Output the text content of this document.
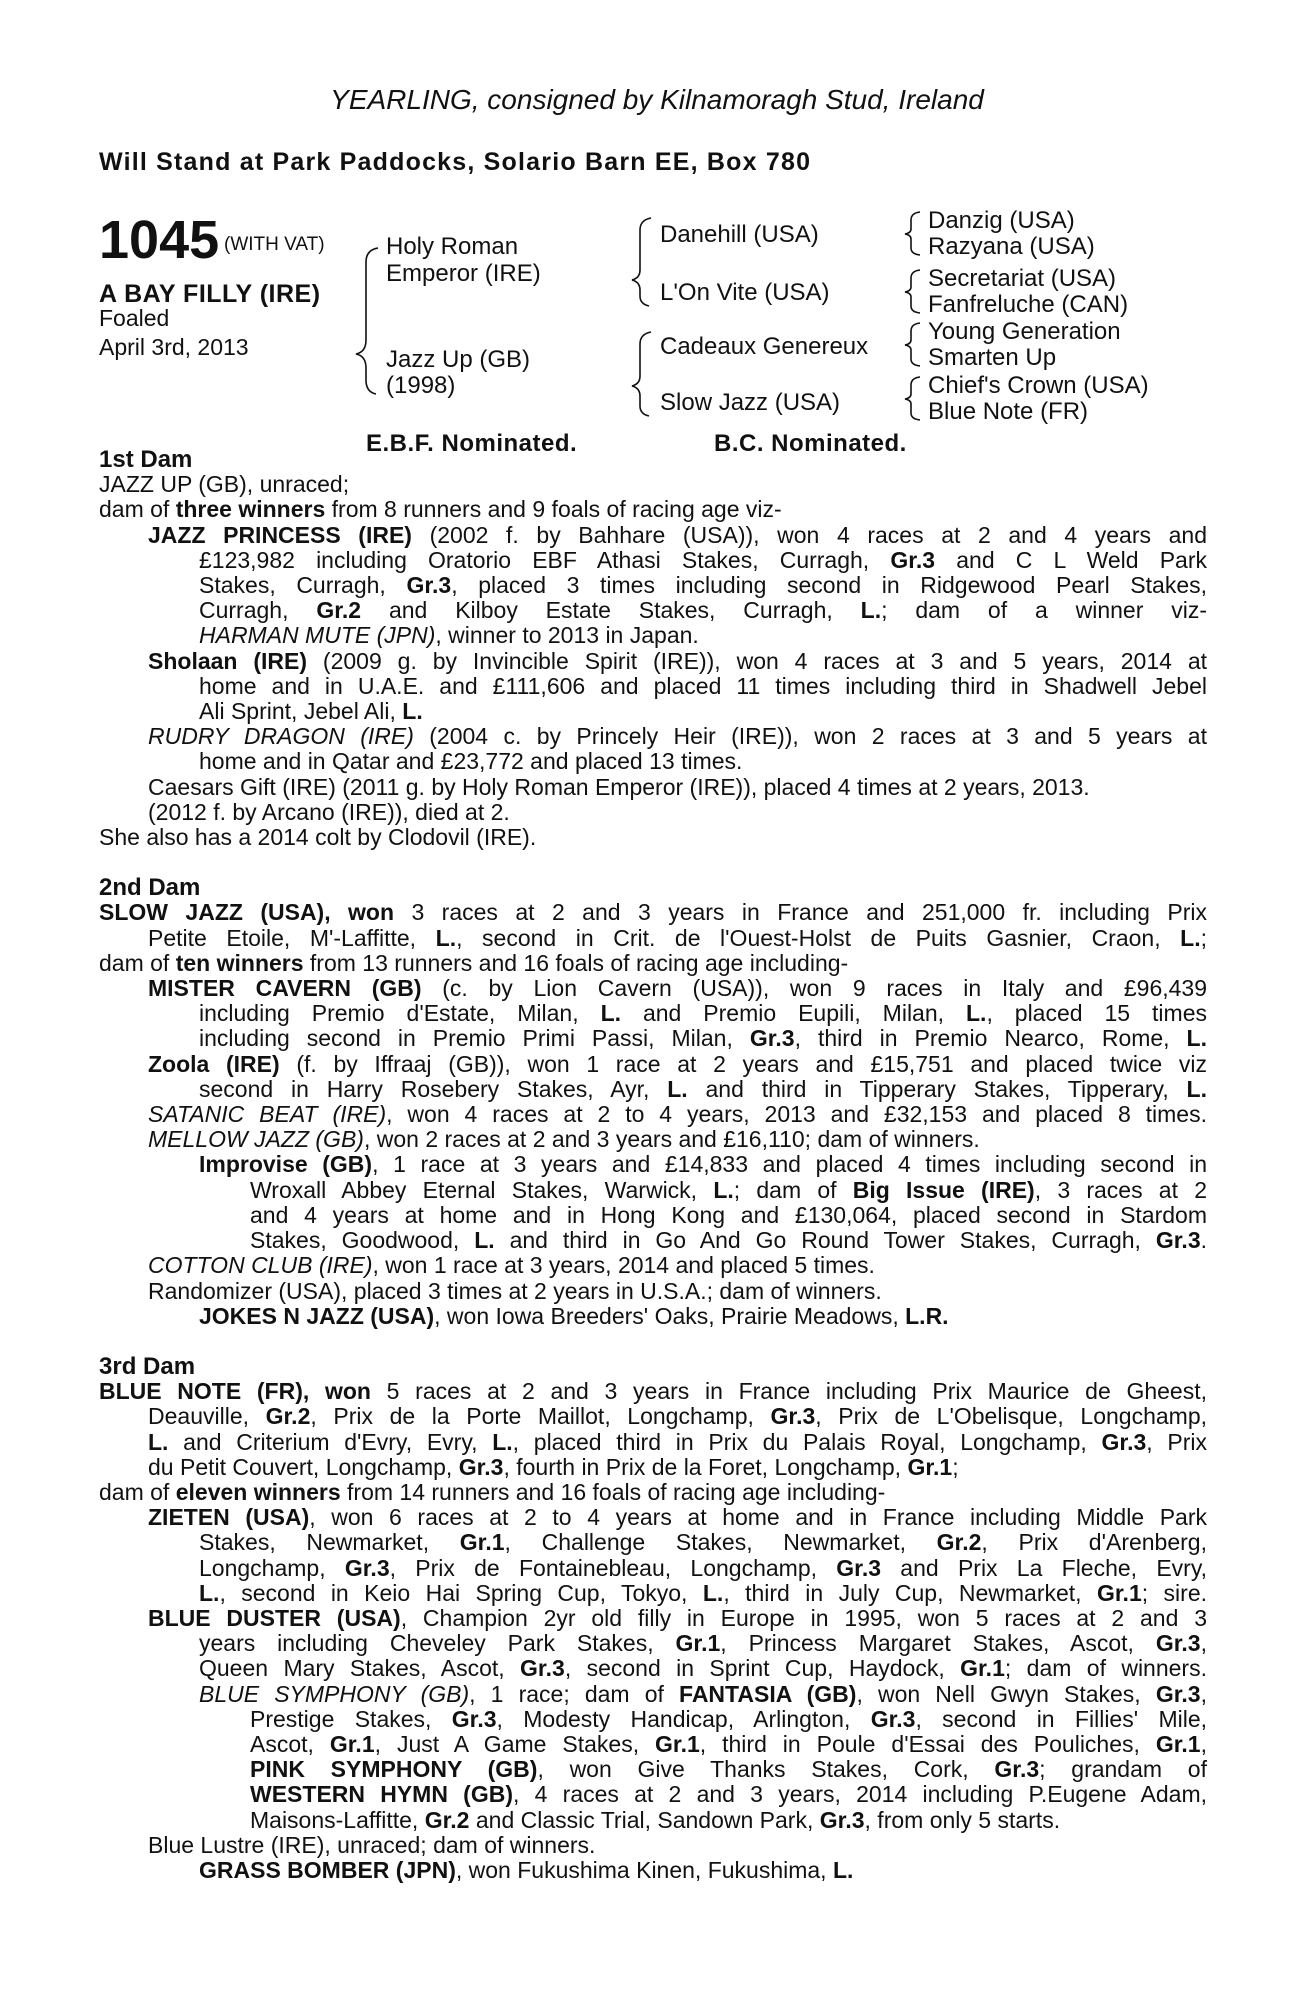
YEARLING, consigned by Kilnamoragh Stud, Ireland
Will Stand at Park Paddocks, Solario Barn EE, Box 780
1045 (WITH VAT)
A BAY FILLY (IRE)
Foaled
April 3rd, 2013
Holy Roman
Emperor (IRE)
Jazz Up (GB)
(1998)
Danehill (USA)
L'On Vite (USA)
Cadeaux Genereux
Slow Jazz (USA)
Danzig (USA)
Razyana (USA)
Secretariat (USA)
Fanfreluche (CAN)
Young Generation
Smarten Up
Chief's Crown (USA)
Blue Note (FR)
E.B.F. Nominated.	B.C. Nominated.
1st Dam
JAZZ UP (GB), unraced;
dam of three winners from 8 runners and 9 foals of racing age viz-
JAZZ PRINCESS (IRE) (2002 f. by Bahhare (USA)), won 4 races at 2 and 4 years and
£123,982 including Oratorio EBF Athasi Stakes, Curragh, Gr.3 and C L Weld Park
Stakes, Curragh, Gr.3, placed 3 times including second in Ridgewood Pearl Stakes,
Curragh, Gr.2 and Kilboy Estate Stakes, Curragh, L.; dam of a winner viz-
HARMAN MUTE (JPN), winner to 2013 in Japan.
Sholaan (IRE) (2009 g. by Invincible Spirit (IRE)), won 4 races at 3 and 5 years, 2014 at
home and in U.A.E. and £111,606 and placed 11 times including third in Shadwell Jebel
Ali Sprint, Jebel Ali, L.
RUDRY DRAGON (IRE) (2004 c. by Princely Heir (IRE)), won 2 races at 3 and 5 years at
home and in Qatar and £23,772 and placed 13 times.
Caesars Gift (IRE) (2011 g. by Holy Roman Emperor (IRE)), placed 4 times at 2 years, 2013.
(2012 f. by Arcano (IRE)), died at 2.
She also has a 2014 colt by Clodovil (IRE).
2nd Dam
SLOW JAZZ (USA), won 3 races at 2 and 3 years in France and 251,000 fr. including Prix
Petite Etoile, M'-Laffitte, L., second in Crit. de l'Ouest-Holst de Puits Gasnier, Craon, L.;
dam of ten winners from 13 runners and 16 foals of racing age including-
MISTER CAVERN (GB) (c. by Lion Cavern (USA)), won 9 races in Italy and £96,439
including Premio d'Estate, Milan, L. and Premio Eupili, Milan, L., placed 15 times
including second in Premio Primi Passi, Milan, Gr.3, third in Premio Nearco, Rome, L.
Zoola (IRE) (f. by Iffraaj (GB)), won 1 race at 2 years and £15,751 and placed twice viz
second in Harry Rosebery Stakes, Ayr, L. and third in Tipperary Stakes, Tipperary, L.
SATANIC BEAT (IRE), won 4 races at 2 to 4 years, 2013 and £32,153 and placed 8 times.
MELLOW JAZZ (GB), won 2 races at 2 and 3 years and £16,110; dam of winners.
Improvise (GB), 1 race at 3 years and £14,833 and placed 4 times including second in
Wroxall Abbey Eternal Stakes, Warwick, L.; dam of Big Issue (IRE), 3 races at 2
and 4 years at home and in Hong Kong and £130,064, placed second in Stardom
Stakes, Goodwood, L. and third in Go And Go Round Tower Stakes, Curragh, Gr.3.
COTTON CLUB (IRE), won 1 race at 3 years, 2014 and placed 5 times.
Randomizer (USA), placed 3 times at 2 years in U.S.A.; dam of winners.
JOKES N JAZZ (USA), won Iowa Breeders' Oaks, Prairie Meadows, L.R.
3rd Dam
BLUE NOTE (FR), won 5 races at 2 and 3 years in France including Prix Maurice de Gheest,
Deauville, Gr.2, Prix de la Porte Maillot, Longchamp, Gr.3, Prix de L'Obelisque, Longchamp,
L. and Criterium d'Evry, Evry, L., placed third in Prix du Palais Royal, Longchamp, Gr.3, Prix
du Petit Couvert, Longchamp, Gr.3, fourth in Prix de la Foret, Longchamp, Gr.1;
dam of eleven winners from 14 runners and 16 foals of racing age including-
ZIETEN (USA), won 6 races at 2 to 4 years at home and in France including Middle Park
Stakes, Newmarket, Gr.1, Challenge Stakes, Newmarket, Gr.2, Prix d'Arenberg,
Longchamp, Gr.3, Prix de Fontainebleau, Longchamp, Gr.3 and Prix La Fleche, Evry,
L., second in Keio Hai Spring Cup, Tokyo, L., third in July Cup, Newmarket, Gr.1; sire.
BLUE DUSTER (USA), Champion 2yr old filly in Europe in 1995, won 5 races at 2 and 3
years including Cheveley Park Stakes, Gr.1, Princess Margaret Stakes, Ascot, Gr.3,
Queen Mary Stakes, Ascot, Gr.3, second in Sprint Cup, Haydock, Gr.1; dam of winners.
BLUE SYMPHONY (GB), 1 race; dam of FANTASIA (GB), won Nell Gwyn Stakes, Gr.3,
Prestige Stakes, Gr.3, Modesty Handicap, Arlington, Gr.3, second in Fillies' Mile,
Ascot, Gr.1, Just A Game Stakes, Gr.1, third in Poule d'Essai des Pouliches, Gr.1,
PINK SYMPHONY (GB), won Give Thanks Stakes, Cork, Gr.3; grandam of
WESTERN HYMN (GB), 4 races at 2 and 3 years, 2014 including P.Eugene Adam,
Maisons-Laffitte, Gr.2 and Classic Trial, Sandown Park, Gr.3, from only 5 starts.
Blue Lustre (IRE), unraced; dam of winners.
GRASS BOMBER (JPN), won Fukushima Kinen, Fukushima, L.
